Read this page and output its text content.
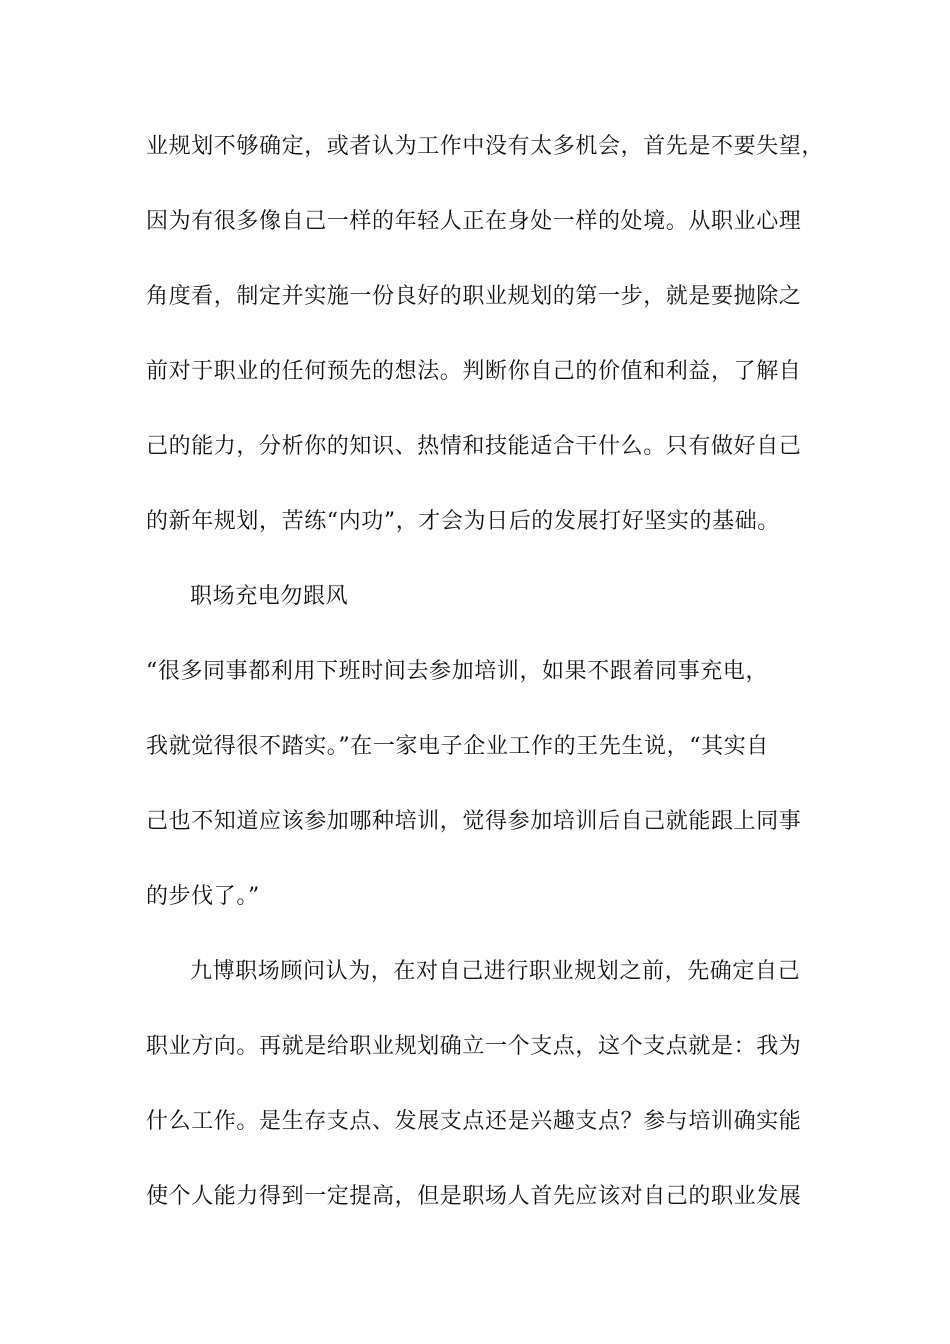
业规划不够确定，或者认为工作中没有太多机会，首先是不要失望，
因为有很多像自己一样的年轻人正在身处一样的处境。从职业心理
角度看，制定并实施一份良好的职业规划的第一步，就是要抛除之
前对于职业的任何预先的想法。判断你自己的价值和利益，了解自
己的能力，分析你的知识、热情和技能适合干什么。只有做好自己
的新年规划，苦练“内功”，才会为日后的发展打好坚实的基础。
职场充电勿跟风
“很多同事都利用下班时间去参加培训，如果不跟着同事充电，
我就觉得很不踏实。”在一家电子企业工作的王先生说，“其实自
己也不知道应该参加哪种培训，觉得参加培训后自己就能跟上同事
的步伐了。”
九博职场顾问认为，在对自己进行职业规划之前，先确定自己
职业方向。再就是给职业规划确立一个支点，这个支点就是：我为
什么工作。是生存支点、发展支点还是兴趣支点？参与培训确实能
使个人能力得到一定提高，但是职场人首先应该对自己的职业发展
